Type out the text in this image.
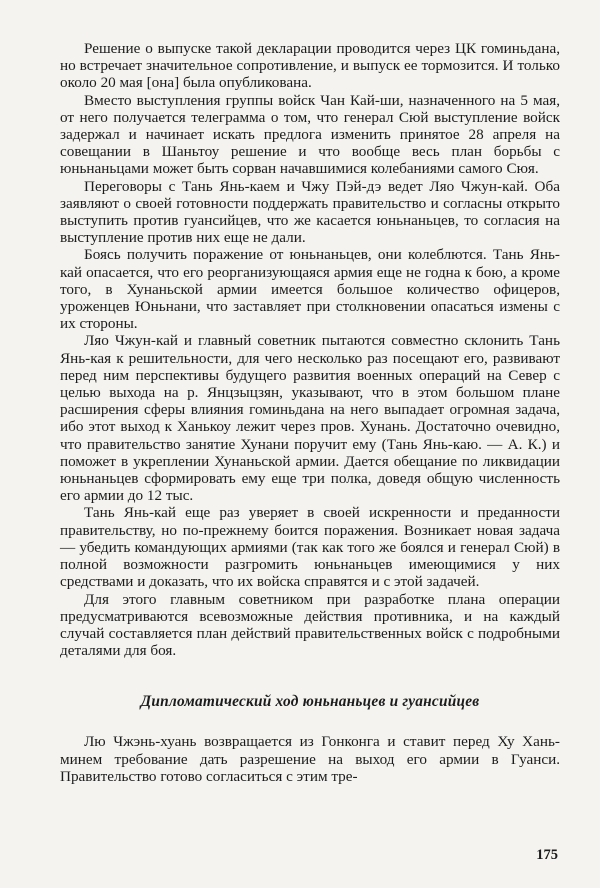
Решение о выпуске такой декларации проводится через ЦК гоминьдана, но встречает значительное сопротивление, и выпуск ее тормозится. И только около 20 мая [она] была опубликована.

Вместо выступления группы войск Чан Кай-ши, назначенного на 5 мая, от него получается телеграмма о том, что генерал Сюй выступление войск задержал и начинает искать предлога изменить принятое 28 апреля на совещании в Шаньтоу решение и что вообще весь план борьбы с юньнаньцами может быть сорван начавшимися колебаниями самого Сюя.

Переговоры с Тань Янь-каем и Чжу Пэй-дэ ведет Ляо Чжун-кай. Оба заявляют о своей готовности поддержать правительство и согласны открыто выступить против гуансийцев, что же касается юньнаньцев, то согласия на выступление против них еще не дали.

Боясь получить поражение от юньнаньцев, они колеблются. Тань Янь-кай опасается, что его реорганизующаяся армия еще не годна к бою, а кроме того, в Хунаньской армии имеется большое количество офицеров, уроженцев Юньнани, что заставляет при столкновении опасаться измены с их стороны.

Ляо Чжун-кай и главный советник пытаются совместно склонить Тань Янь-кая к решительности, для чего несколько раз посещают его, развивают перед ним перспективы будущего развития военных операций на Север с целью выхода на р. Янцзыцзян, указывают, что в этом большом плане расширения сферы влияния гоминьдана на него выпадает огромная задача, ибо этот выход к Ханькоу лежит через пров. Хунань. Достаточно очевидно, что правительство занятие Хунани поручит ему (Тань Янь-каю. — А. К.) и поможет в укреплении Хунаньской армии. Дается обещание по ликвидации юньнаньцев сформировать ему еще три полка, доведя общую численность его армии до 12 тыс.

Тань Янь-кай еще раз уверяет в своей искренности и преданности правительству, но по-прежнему боится поражения. Возникает новая задача — убедить командующих армиями (так как того же боялся и генерал Сюй) в полной возможности разгромить юньнаньцев имеющимися у них средствами и доказать, что их войска справятся и с этой задачей.

Для этого главным советником при разработке плана операции предусматриваются всевозможные действия противника, и на каждый случай составляется план действий правительственных войск с подробными деталями для боя.

Дипломатический ход юньнаньцев и гуансийцев

Лю Чжэнь-хуань возвращается из Гонконга и ставит перед Ху Хань-минем требование дать разрешение на выход его армии в Гуанси. Правительство готово согласиться с этим тре-

175
